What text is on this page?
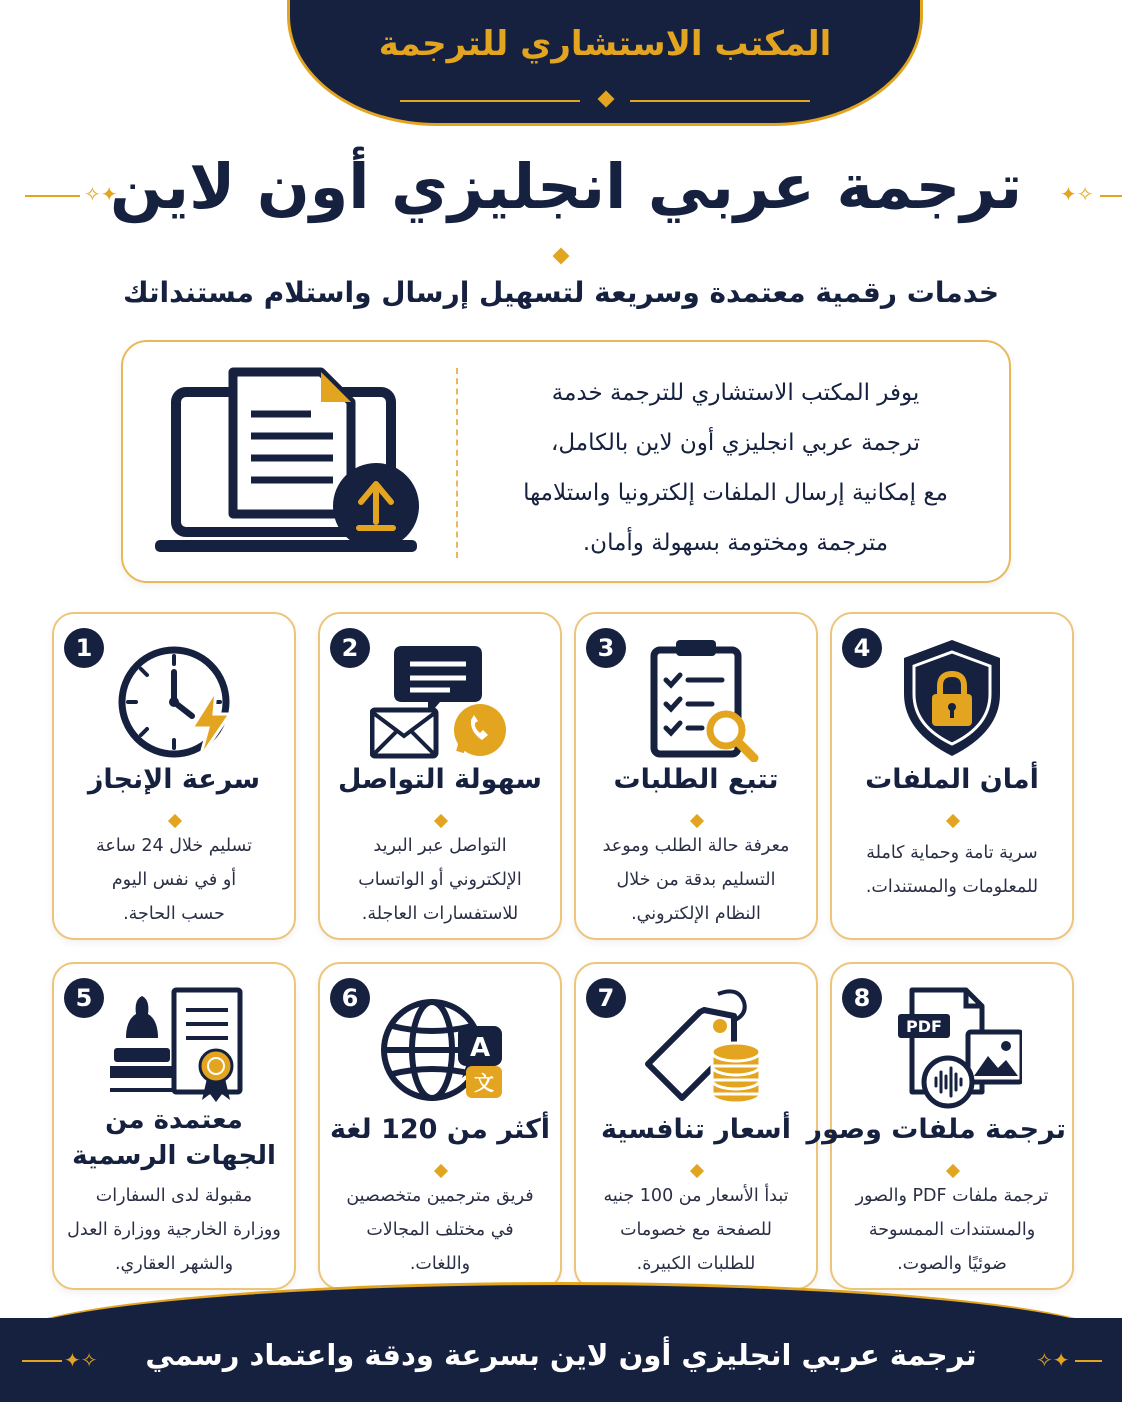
المكتب الاستشاري للترجمة
✧✦	✦✧
ترجمة عربي انجليزي أون لاين
خدمات رقمية معتمدة وسريعة لتسهيل إرسال واستلام مستنداتك
يوفر المكتب الاستشاري للترجمة خدمة
ترجمة عربي انجليزي أون لاين بالكامل،
مع إمكانية إرسال الملفات إلكترونيا واستلامها
مترجمة ومختومة بسهولة وأمان.
1
سرعة الإنجاز
تسليم خلال 24 ساعة
أو في نفس اليوم
حسب الحاجة.
2
سهولة التواصل
التواصل عبر البريد
الإلكتروني أو الواتساب
للاستفسارات العاجلة.
3
تتبع الطلبات
معرفة حالة الطلب وموعد
التسليم بدقة من خلال
النظام الإلكتروني.
4
أمان الملفات
سرية تامة وحماية كاملة
للمعلومات والمستندات.
5
معتمدة من
الجهات الرسمية
مقبولة لدى السفارات
ووزارة الخارجية ووزارة العدل
والشهر العقاري.
6
A
文
أكثر من 120 لغة
فريق مترجمين متخصصين
في مختلف المجالات
واللغات.
7
أسعار تنافسية
تبدأ الأسعار من 100 جنيه
للصفحة مع خصومات
للطلبات الكبيرة.
8
PDF
ترجمة ملفات وصور
ترجمة ملفات PDF والصور
والمستندات الممسوحة
ضوئيًا والصوت.
✦✧	✧✦
ترجمة عربي انجليزي أون لاين بسرعة ودقة واعتماد رسمي
